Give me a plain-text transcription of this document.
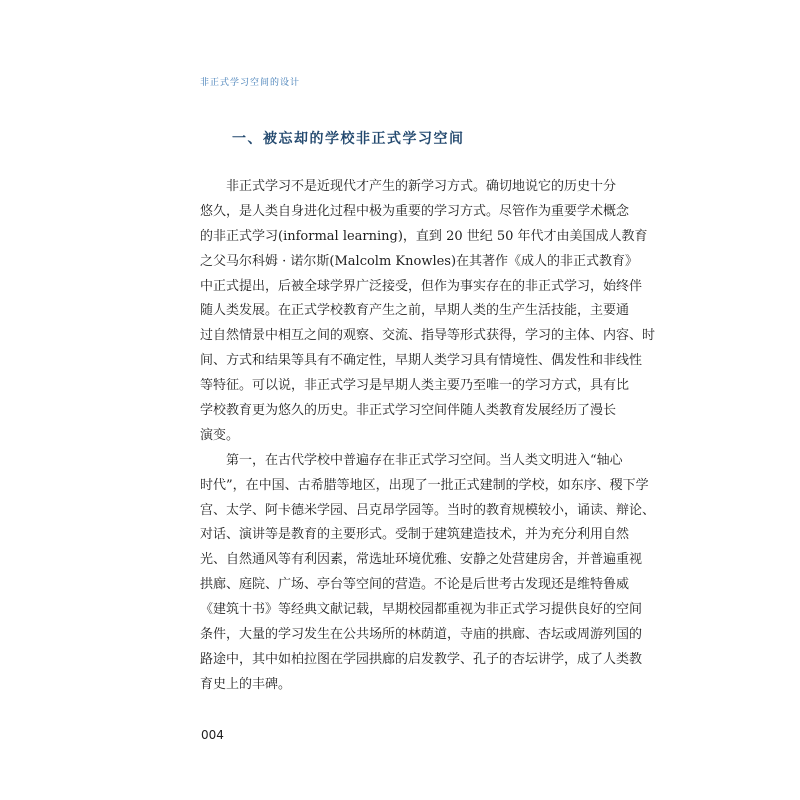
非正式学习空间的设计
一、被忘却的学校非正式学习空间
非正式学习不是近现代才产生的新学习方式。确切地说它的历史十分
悠久，是人类自身进化过程中极为重要的学习方式。尽管作为重要学术概念
的非正式学习(informal learning)，直到 20 世纪 50 年代才由美国成人教育
之父马尔科姆 · 诺尔斯(Malcolm Knowles)在其著作《成人的非正式教育》
中正式提出，后被全球学界广泛接受，但作为事实存在的非正式学习，始终伴
随人类发展。在正式学校教育产生之前，早期人类的生产生活技能，主要通
过自然情景中相互之间的观察、交流、指导等形式获得，学习的主体、内容、时
间、方式和结果等具有不确定性，早期人类学习具有情境性、偶发性和非线性
等特征。可以说，非正式学习是早期人类主要乃至唯一的学习方式，具有比
学校教育更为悠久的历史。非正式学习空间伴随人类教育发展经历了漫长
演变。
第一，在古代学校中普遍存在非正式学习空间。当人类文明进入“轴心
时代”，在中国、古希腊等地区，出现了一批正式建制的学校，如东序、稷下学
宫、太学、阿卡德米学园、吕克昂学园等。当时的教育规模较小，诵读、辩论、
对话、演讲等是教育的主要形式。受制于建筑建造技术，并为充分利用自然
光、自然通风等有利因素，常选址环境优雅、安静之处营建房舍，并普遍重视
拱廊、庭院、广场、亭台等空间的营造。不论是后世考古发现还是维特鲁威
《建筑十书》等经典文献记载，早期校园都重视为非正式学习提供良好的空间
条件，大量的学习发生在公共场所的林荫道，寺庙的拱廊、杏坛或周游列国的
路途中，其中如柏拉图在学园拱廊的启发教学、孔子的杏坛讲学，成了人类教
育史上的丰碑。
004
